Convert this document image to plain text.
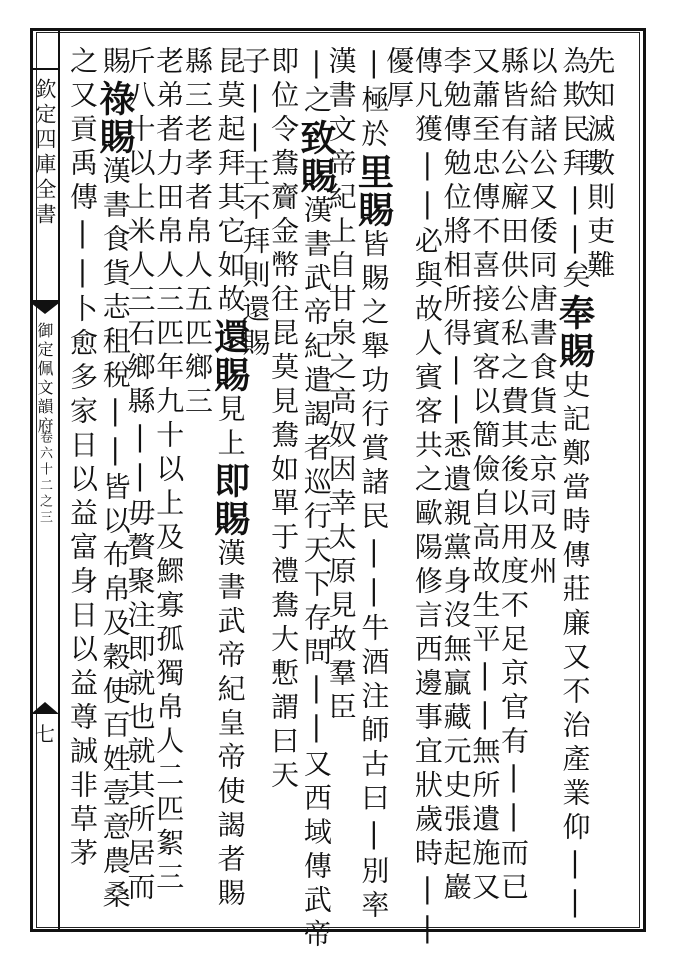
欽定四庫全書
御定佩文韻府
卷六十二之三
七
先知滅數則吏難
為欺民拜||矣奉賜史記鄭當時傳莊廉又不治產業仰||
以給諸公又倭同唐書食貨志京司及州
縣皆有公廨田供公私之費其後以用度不足京官有||而已
又蕭至忠傳不喜接賓客以簡儉自高故生平||無所遺施又
李勉傳勉位將相所得||悉遺親黨身沒無贏藏元史張起巖
傳凡獲||必與故人賓客共之歐陽修言西邊事宜狀歲時||
優厚
|極於里賜皆賜之舉功行賞諸民||牛酒注師古曰|別率
漢書文帝紀上自甘泉之高奴因幸太原見故羣臣
|之致賜漢書武帝紀遣謁者巡行天下存問||又西域傳武帝
即位令鴦齎金幣往昆莫見鴦如單于禮鴦大慙謂曰天
子||王不拜則還賜
昆莫起拜其它如故還賜見上即賜漢書武帝紀皇帝使謁者賜
縣三老孝者帛人五匹鄉三
老弟者力田帛人三匹年九十以上及鰥寡孤獨帛人二匹絮三
斤八十以上米人三石鄉縣||毋贅聚注即就也就其所居而
賜祿賜漢書食貨志租稅||皆以布帛及穀使百姓壹意農桑
之又貢禹傳||卜愈多家日以益富身日以益尊誠非草茅
